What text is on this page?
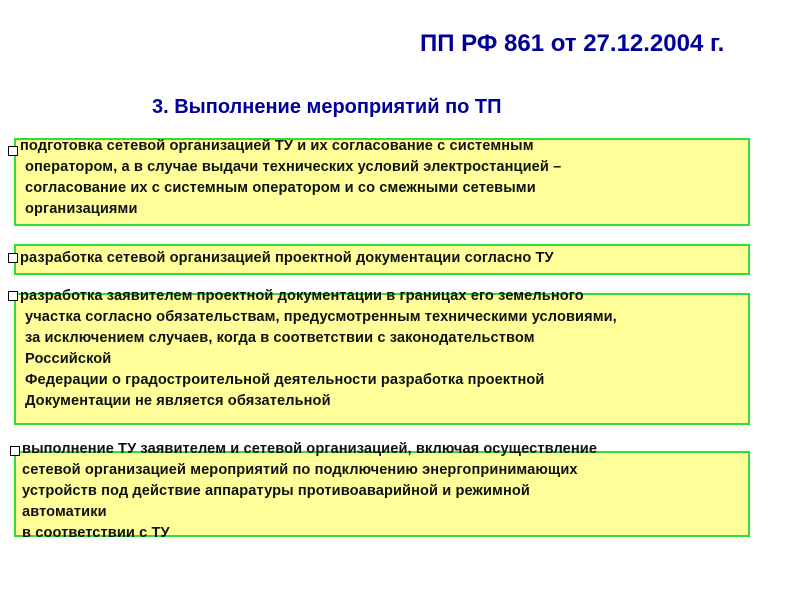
ПП РФ 861 от 27.12.2004 г.
3. Выполнение мероприятий по ТП
подготовка сетевой организацией ТУ и их согласование с системным
оператором, а в случае выдачи технических условий электростанцией –
согласование их с системным оператором и со смежными сетевыми
организациями
разработка сетевой организацией проектной документации согласно ТУ
разработка заявителем проектной документации в границах его земельного
участка согласно обязательствам, предусмотренным техническими условиями,
за исключением случаев, когда в соответствии с законодательством
Российской
Федерации о градостроительной деятельности разработка проектной
Документации не является обязательной
выполнение ТУ заявителем и сетевой организацией, включая осуществление
сетевой организацией мероприятий по подключению энергопринимающих
устройств под действие аппаратуры противоаварийной и режимной
автоматики
в соответствии с ТУ
